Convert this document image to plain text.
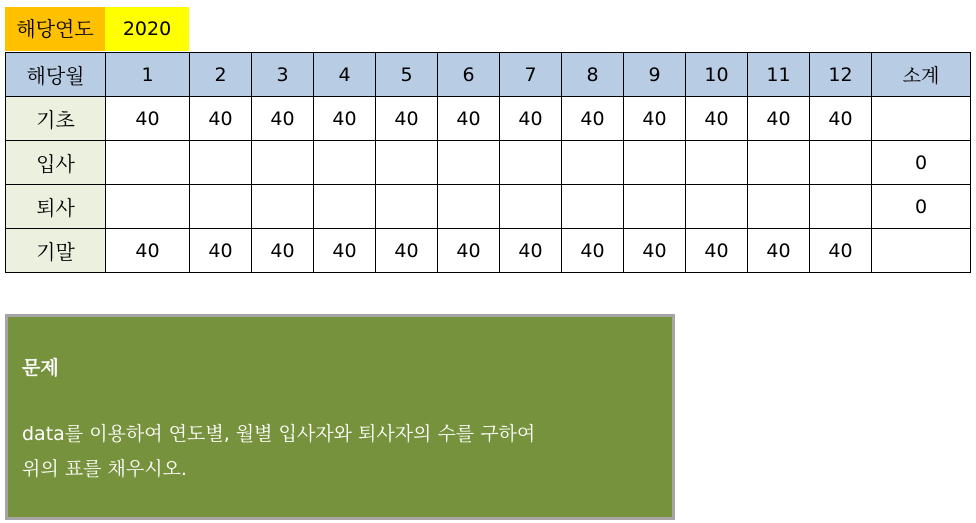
해당연도	2020
해당월	1	2	3	4	5	6	7	8	9	10	11	12	소계
기초	40	40	40	40	40	40	40	40	40	40	40	40	
입사													0
퇴사													0
기말	40	40	40	40	40	40	40	40	40	40	40	40	
문제
data를 이용하여 연도별, 월별 입사자와 퇴사자의 수를 구하여
위의 표를 채우시오.
